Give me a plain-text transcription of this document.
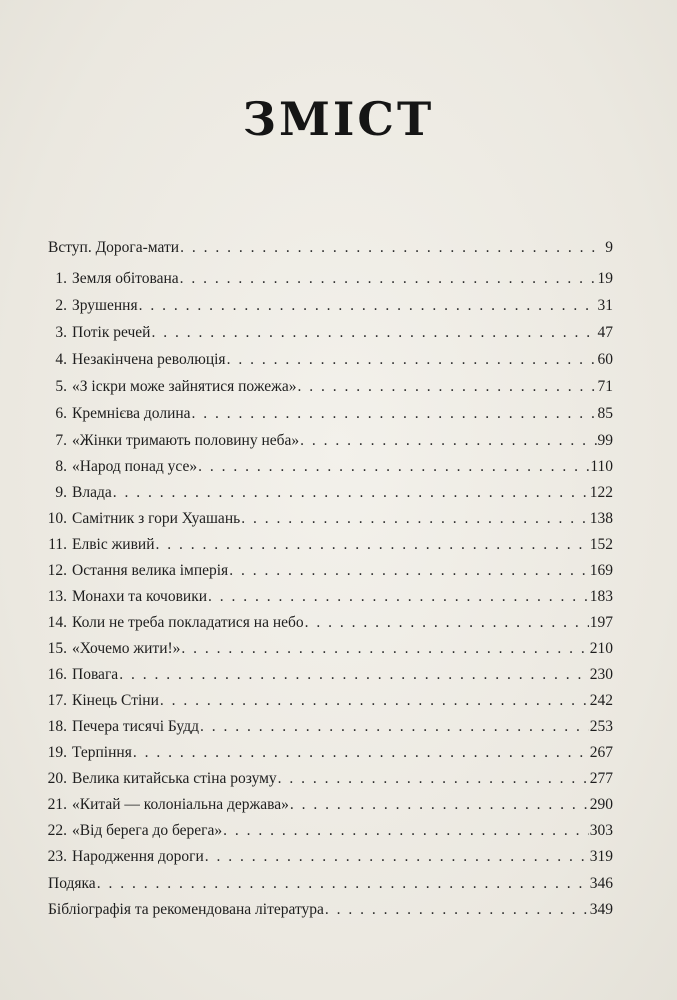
ЗМІСТ
Вступ. Дорога-мати . . .	9
1. Земля обітована . . .	19
2. Зрушення . . .	31
3. Потік речей . . .	47
4. Незакінчена революція . . .	60
5. «З іскри може зайнятися пожежа» . . .	71
6. Кремнієва долина . . .	85
7. «Жінки тримають половину неба» . . .	99
8. «Народ понад усе» . . .	110
9. Влада . . .	122
10. Самітник з гори Хуашань . . .	138
11. Елвіс живий . . .	152
12. Остання велика імперія . . .	169
13. Монахи та кочовики . . .	183
14. Коли не треба покладатися на небо . . .	197
15. «Хочемо жити!» . . .	210
16. Повага . . .	230
17. Кінець Стіни . . .	242
18. Печера тисячі Будд . . .	253
19. Терпіння . . .	267
20. Велика китайська стіна розуму . . .	277
21. «Китай — колоніальна держава» . . .	290
22. «Від берега до берега» . . .	303
23. Народження дороги . . .	319
Подяка . . .	346
Бібліографія та рекомендована література . . .	349
